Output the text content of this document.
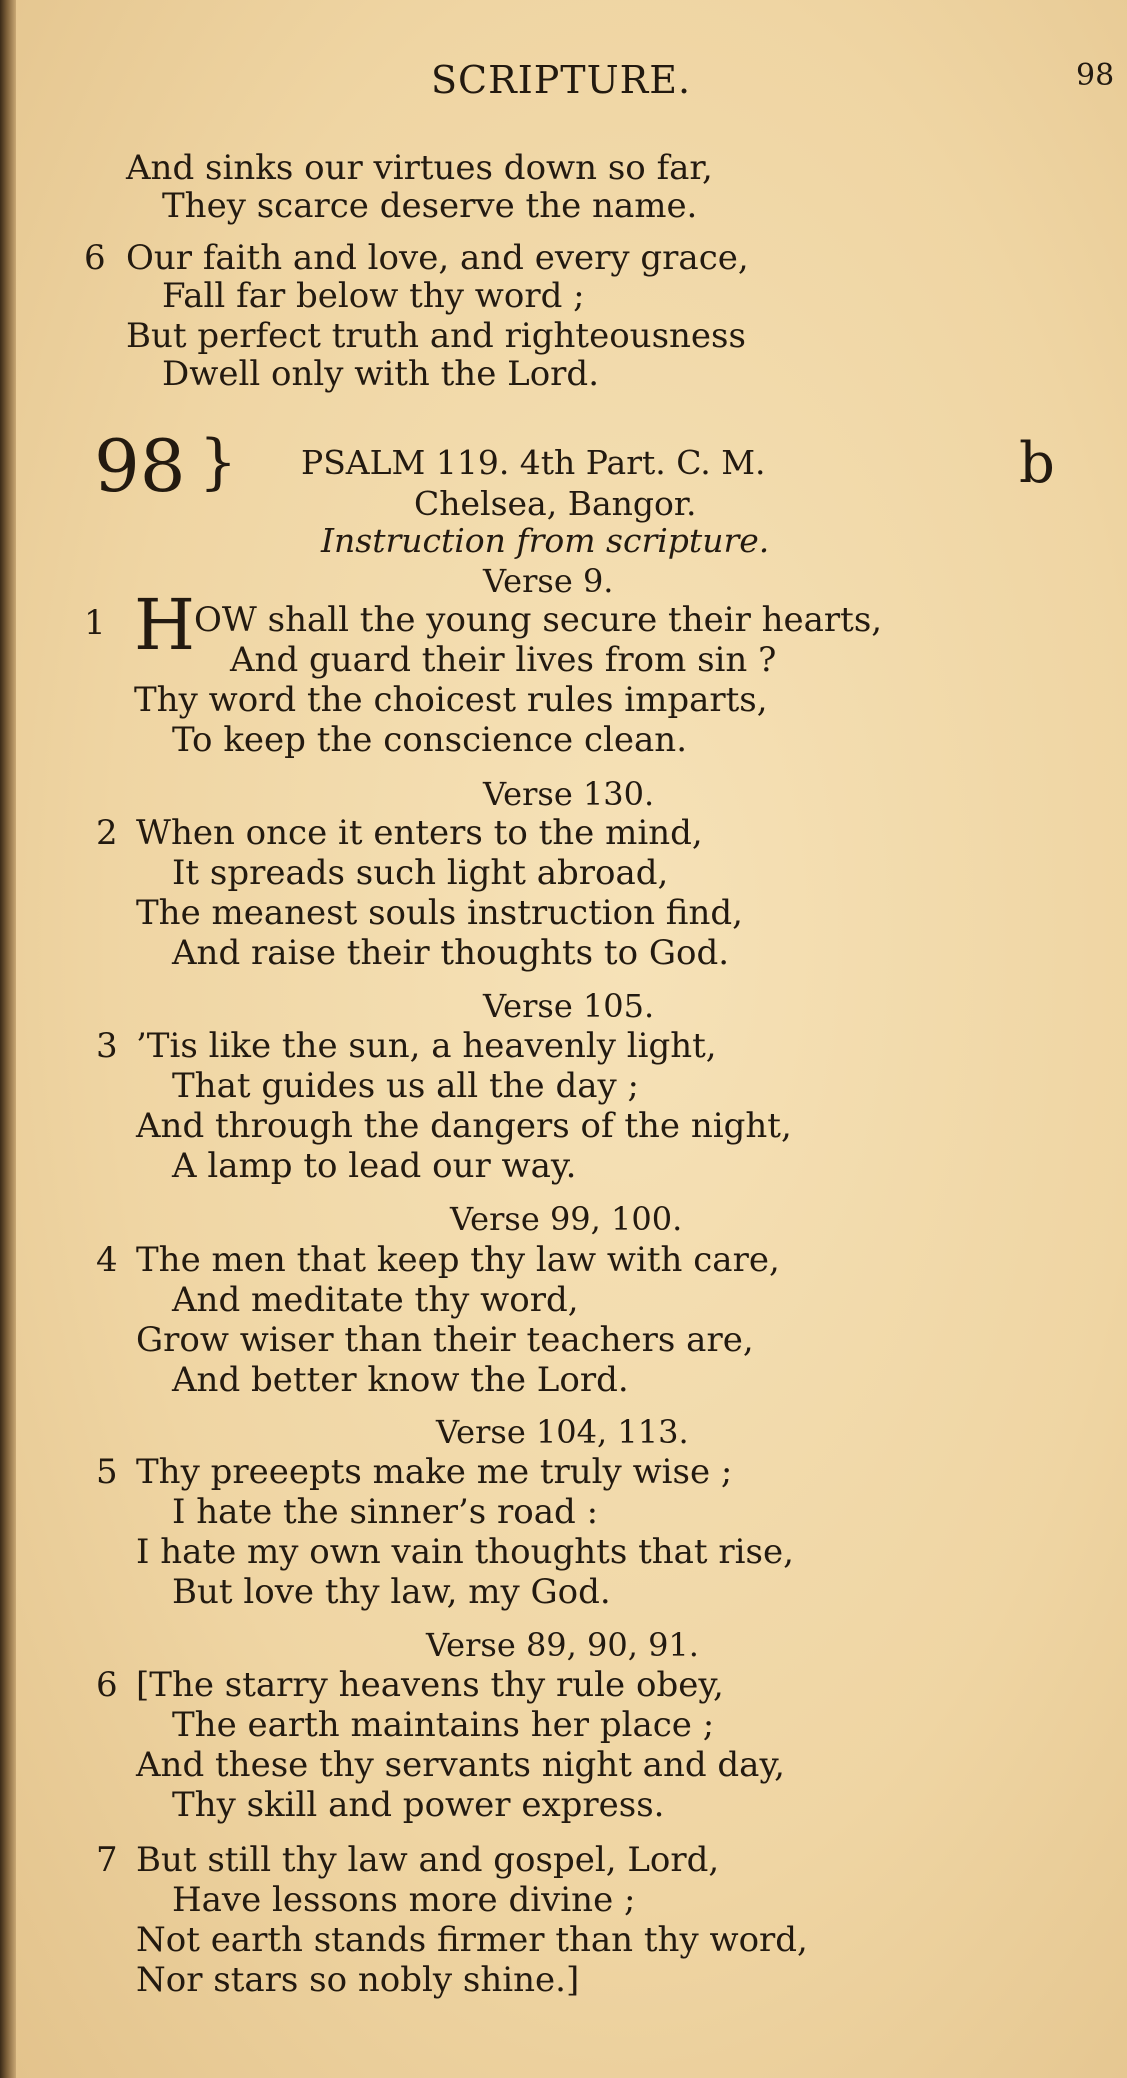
SCRIPTURE.	98
And sinks our virtues down so far,
They scarce deserve the name.
6 Our faith and love, and every grace,
Fall far below thy word ;
But perfect truth and righteousness
Dwell only with the Lord.
98 } PSALM 119. 4th Part. C. M.
Chelsea, Bangor.
Instruction from scripture.
b
Verse 9.
1 H
OW shall the young secure their hearts,
And guard their lives from sin ?
Thy word the choicest rules imparts,
To keep the conscience clean.
Verse 130.
2 When once it enters to the mind,
It spreads such light abroad,
The meanest souls instruction find,
And raise their thoughts to God.
Verse 105.
3 ’Tis like the sun, a heavenly light,
That guides us all the day ;
And through the dangers of the night,
A lamp to lead our way.
Verse 99, 100.
4 The men that keep thy law with care,
And meditate thy word,
Grow wiser than their teachers are,
And better know the Lord.
Verse 104, 113.
5 Thy preeepts make me truly wise ;
I hate the sinner’s road :
I hate my own vain thoughts that rise,
But love thy law, my God.
Verse 89, 90, 91.
6 [The starry heavens thy rule obey,
The earth maintains her place ;
And these thy servants night and day,
Thy skill and power express.
7 But still thy law and gospel, Lord,
Have lessons more divine ;
Not earth stands firmer than thy word,
Nor stars so nobly shine.]
